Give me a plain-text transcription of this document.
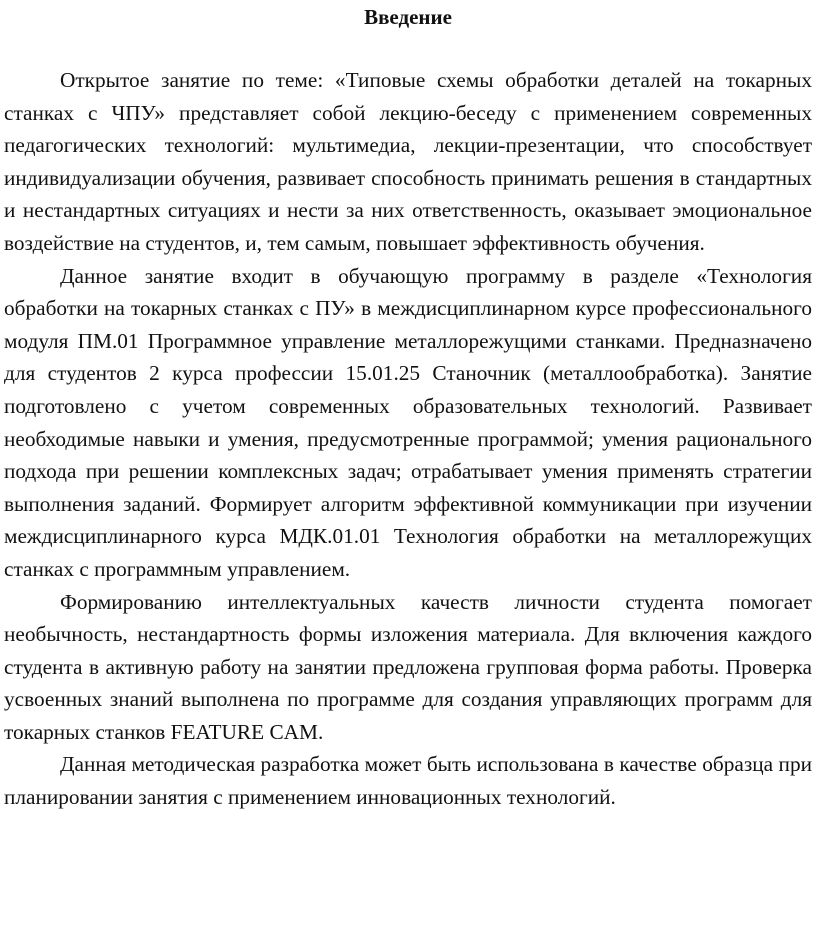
Введение

Открытое занятие по теме: «Типовые схемы обработки деталей на токарных станках с ЧПУ» представляет собой лекцию-беседу с применением современных педагогических технологий: мультимедиа, лекции-презентации, что способствует индивидуализации обучения, развивает способность принимать решения в стандартных и нестандартных ситуациях и нести за них ответственность, оказывает эмоциональное воздействие на студентов, и, тем самым, повышает эффективность обучения.

Данное занятие входит в обучающую программу в разделе «Технология обработки на токарных станках с ПУ» в междисциплинарном курсе профессионального модуля ПМ.01 Программное управление металлорежущими станками. Предназначено для студентов 2 курса профессии 15.01.25 Станочник (металлообработка). Занятие подготовлено с учетом современных образовательных технологий. Развивает необходимые навыки и умения, предусмотренные программой; умения рационального подхода при решении комплексных задач; отрабатывает умения применять стратегии выполнения заданий. Формирует алгоритм эффективной коммуникации при изучении междисциплинарного курса МДК.01.01 Технология обработки на металлорежущих станках с программным управлением.

Формированию интеллектуальных качеств личности студента помогает необычность, нестандартность формы изложения материала. Для включения каждого студента в активную работу на занятии предложена групповая форма работы. Проверка усвоенных знаний выполнена по программе для создания управляющих программ для токарных станков FEATURE CAM.

Данная методическая разработка может быть использована в качестве образца при планировании занятия с применением инновационных технологий.
